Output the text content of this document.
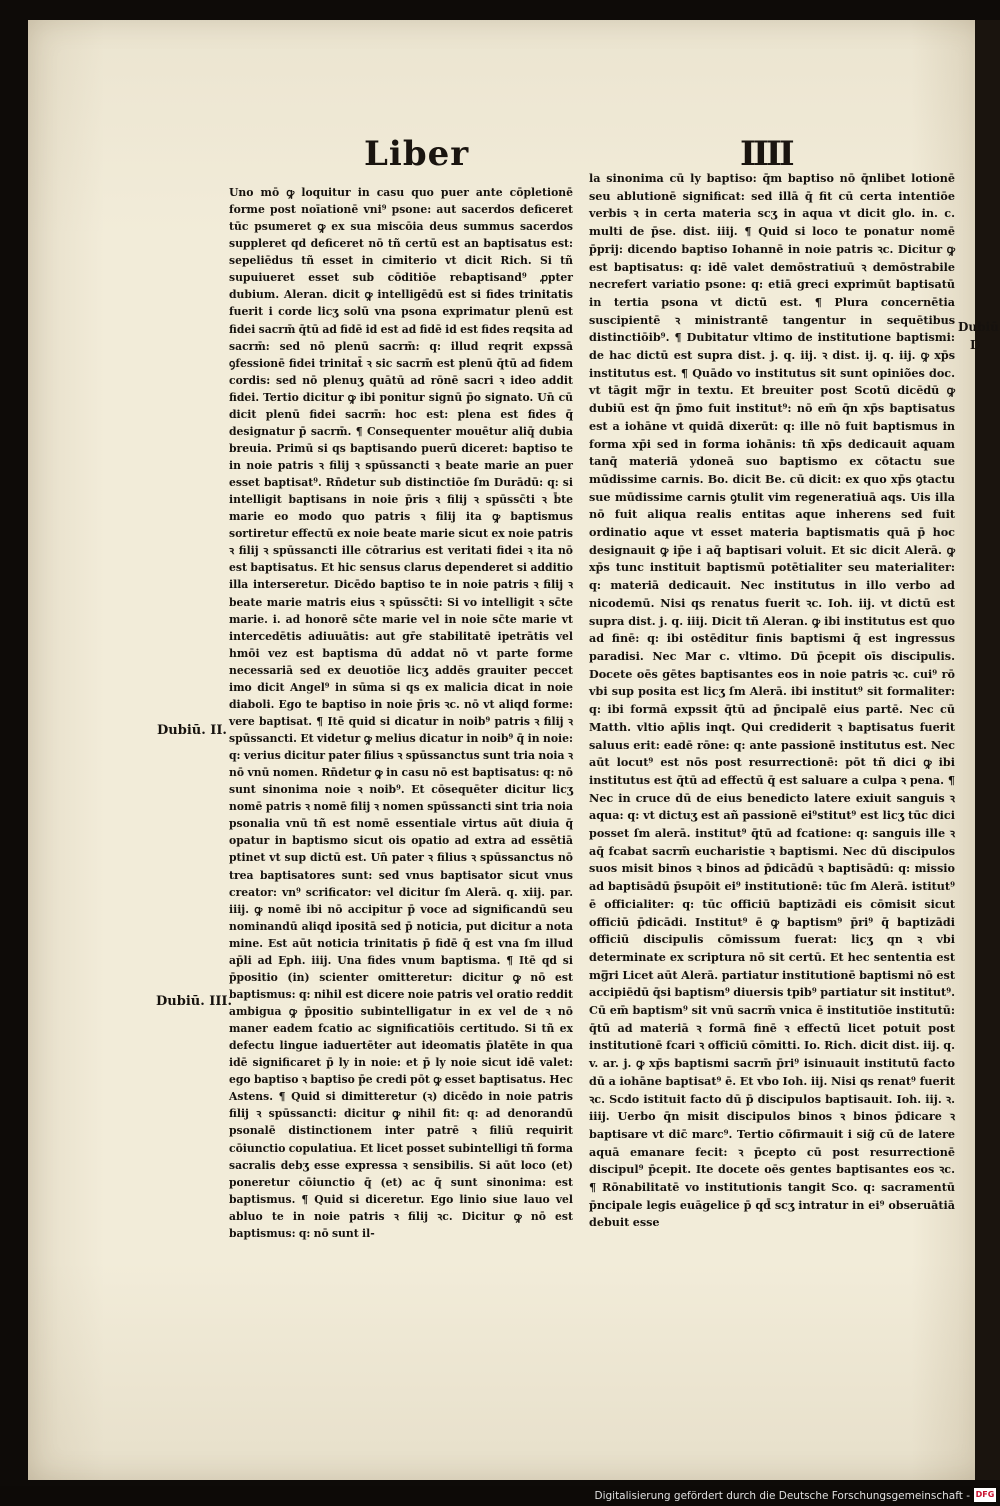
Liber	IIII
Dubiū. II.
Dubiū. III.
Dubiū
D

Uno mō ꝙ loquitur in casu quo puer ante cōpletionē forme post noīationē vni⁹ psone: aut sacerdos deficeret tūc psumeret ꝙ ex sua miscōia deus summus sacerdos suppleret qd deficeret nō tñ certū est an baptisatus est: sepeliēdus tñ esset in cimiterio vt dicit Rich. Si tñ supuiueret esset sub cōditiōe rebaptisand⁹ ꝓpter dubium. Aleran. dicit ꝙ intelligēdū est si fides trinitatis fuerit i corde licʒ solū vna psona exprimatur plenū est fidei sacrm̄ q̄tū ad fidē id est ad fidē id est fides reqsita ad sacrm̄: sed nō plenū sacrm̄: q: illud reqrit expssā ꝯfessionē fidei trinitat̄ ꝛ sic sacrm̄ est plenū q̄tū ad fidem cordis: sed nō plenuʒ quātū ad rōnē sacri ꝛ ideo addit fidei. Tertio dicitur ꝙ ibi ponitur signū p̄o signato. Un̄ cū dicit plenū fidei sacrm̄: hoc est: plena est fides q̄ designatur p̄ sacrm̄. ¶ Consequenter mouētur aliq̄ dubia breuia. Primū si qs baptisando puerū diceret: baptiso te in noie patris ꝛ filij ꝛ spūssancti ꝛ beate marie an puer esset baptisat⁹. Rn̄detur sub distinctiōe ſm Durādū: q: si intelligit baptisans in noie p̄ris ꝛ filij ꝛ spūssc̄ti ꝛ b̄te marie eo modo quo patris ꝛ filij ita ꝙ baptismus sortiretur effectū ex noie beate marie sicut ex noie patris ꝛ filij ꝛ spūssancti ille cōtrarius est veritati fidei ꝛ ita nō est baptisatus. Et hic sensus clarus dependeret si additio illa interseretur. Dicēdo baptiso te in noie patris ꝛ filij ꝛ beate marie matris eius ꝛ spūssc̄ti: Si vo intelligit ꝛ sc̄te marie. i. ad honorē sc̄te marie vel in noie sc̄te marie vt intercedētis adiuuātis: aut gr̄e stabilitatē ipetrātis vel hmōi vez est baptisma dū addat nō vt parte forme necessariā sed ex deuotiōe licʒ addēs grauiter peccet imo dicit Angel⁹ in sūma si qs ex malicia dicat in noie diaboli. Ego te baptiso in noie p̄ris ꝛc. nō vt aliqd forme: vere baptisat. ¶ Itē quid si dicatur in noib⁹ patris ꝛ filij ꝛ spūssancti. Et videtur ꝙ melius dicatur in noib⁹ q̄ in noie: q: verius dicitur pater filius ꝛ spūssanctus sunt tria noia ꝛ nō vnū nomen. Rn̄detur ꝙ in casu nō est baptisatus: q: nō sunt sinonima noie ꝛ noib⁹. Et cōsequēter dicitur licʒ nomē patris ꝛ nomē filij ꝛ nomen spūssancti sint tria noia psonalia vnū tñ est nomē essentiale virtus aūt diuia q̄ opatur in baptismo sicut ois opatio ad extra ad essētiā ptinet vt sup dictū est. Un̄ pater ꝛ filius ꝛ spūssanctus nō trea baptisatores sunt: sed vnus baptisator sicut vnus creator: vn⁹ scrificator: vel dicitur ſm Alerā. q. xiij. par. iiij. ꝙ nomē ibi nō accipitur p̄ voce ad significandū seu nominandū aliqd ipositā sed p̄ noticia, put dicitur a nota mine. Est aūt noticia trinitatis p̄ fidē q̄ est vna ſm illud ap̄li ad Eph. iiij. Una fides vnum baptisma. ¶ Itē qd si p̄positio (in) scienter omitteretur: dicitur ꝙ nō est baptismus: q: nihil est dicere noie patris vel oratio reddit ambigua ꝙ p̄positio subintelligatur in ex vel de ꝛ nō maner eadem fcatio ac significatiōis certitudo. Si tñ ex defectu lingue iaduertēter aut ideomatis p̄latēte in qua idē significaret p̄ ly in noie: et p̄ ly noie sicut idē valet: ego baptiso ꝛ baptiso p̄e credi pōt ꝙ esset baptisatus. Hec Astens. ¶ Quid si dimitteretur (ꝛ) dicēdo in noie patris filij ꝛ spūssancti: dicitur ꝙ nihil fit: q: ad denorandū psonalē distinctionem inter patrē ꝛ filiū requirit cōiunctio copulatiua. Et licet posset subintelligi tñ forma sacralis debʒ esse expressa ꝛ sensibilis. Si aūt loco (et) poneretur cōiunctio q̄ (et) ac q̄ sunt sinonima: est baptismus. ¶ Quid si diceretur. Ego linio siue lauo vel abluo te in noie patris ꝛ filij ꝛc. Dicitur ꝙ nō est baptismus: q: nō sunt il-

la sinonima cū ly baptiso: q̄m baptiso nō q̄nlibet lotionē seu ablutionē significat: sed illā q̄ fit cū certa intentiōe verbis ꝛ in certa materia scʒ in aqua vt dicit glo. in. c. multi de p̄se. dist. iiij. ¶ Quid si loco te ponatur nomē p̄prij: dicendo baptiso Iohannē in noie patris ꝛc. Dicitur ꝙ est baptisatus: q: idē valet demōstratiuū ꝛ demōstrabile necrefert variatio psone: q: etiā greci exprimūt baptisatū in tertia psona vt dictū est. ¶ Plura concernētia suscipientē ꝛ ministrantē tangentur in sequētibus distinctiōib⁹. ¶ Dubitatur vltimo de institutione baptismi: de hac dictū est supra dist. j. q. iij. ꝛ dist. ij. q. iij. ꝙ xp̄s institutus est. ¶ Quādo vo institutus sit sunt opiniões doc. vt tāgit mg̅r in textu. Et breuiter post Scotū dicēdū ꝙ dubiū est q̄n p̄mo fuit institut⁹: nō em̄ q̄n xp̄s baptisatus est a iohāne vt quidā dixerūt: q: ille nō fuit baptismus in forma xp̄i sed in forma iohānis: tñ xp̄s dedicauit aquam tanq̄ materiā ydoneā suo baptismo ex cōtactu sue mūdissime carnis. Bo. dicit Be. cū dicit: ex quo xp̄s ꝯtactu sue mūdissime carnis ꝯtulit vim regeneratiuā aqs. Uis illa nō fuit aliqua realis entitas aque inherens sed fuit ordinatio aque vt esset materia baptismatis quā p̄ hoc designauit ꝙ ip̄e i aq̄ baptisari voluit. Et sic dicit Alerā. ꝙ xp̄s tunc instituit baptismū potētialiter seu materialiter: q: materiā dedicauit. Nec institutus in illo verbo ad nicodemū. Nisi qs renatus fuerit ꝛc. Ioh. iij. vt dictū est supra dist. j. q. iiij. Dicit tñ Aleran. ꝙ ibi institutus est quo ad finē: q: ibi ostēditur finis baptismi q̄ est ingressus paradisi. Nec Mar c. vltimo. Dū p̄cepit oīs discipulis. Docete oēs gētes baptisantes eos in noie patris ꝛc. cui⁹ rō vbi sup posita est licʒ ſm Alerā. ibi institut⁹ sit formaliter: q: ibi formā expssit q̄tū ad p̄ncipalē eius partē. Nec cū Matth. vltio ap̄lis inqt. Qui crediderit ꝛ baptisatus fuerit saluus erit: eadē rōne: q: ante passionē institutus est. Nec aūt locut⁹ est nōs post resurrectionē: pōt tñ dici ꝙ ibi institutus est q̄tū ad effectū q̄ est saluare a culpa ꝛ pena. ¶ Nec in cruce dū de eius benedicto latere exiuit sanguis ꝛ aqua: q: vt dictuʒ est añ passionē ei⁹stitut⁹ est licʒ tūc dici posset ſm alerā. institut⁹ q̄tū ad fcatione: q: sanguis ille ꝛ aq̄ fcabat sacrm̄ eucharistie ꝛ baptismi. Nec dū discipulos suos misit binos ꝛ binos ad p̄dicādū ꝛ baptisādū: q: missio ad baptisādū p̄supōit ei⁹ institutionē: tūc ſm Alerā. istitut⁹ ē officialiter: q: tūc officiū baptizādi eis cōmisit sicut officiū p̄dicādi. Institut⁹ ē ꝙ baptism⁹ p̄ri⁹ q̄ baptizādi officiū discipulis cōmissum fuerat: licʒ qn ꝛ vbi determinate ex scriptura nō sit certū. Et hec sententia est mg̅ri Licet aūt Alerā. partiatur institutionē baptismi nō est accipiēdū q̄si baptism⁹ diuersis tpib⁹ partiatur sit institut⁹. Cū em̄ baptism⁹ sit vnū sacrm̄ vnica ē institutiōe institutū: q̄tū ad materiā ꝛ formā finē ꝛ effectū licet potuit post institutionē fcari ꝛ officiū cōmitti. Io. Rich. dicit dist. iij. q. v. ar. j. ꝙ xp̄s baptismi sacrm̄ p̄ri⁹ isinuauit institutū facto dū a iohāne baptisat⁹ ē. Et vbo Ioh. iij. Nisi qs renat⁹ fuerit ꝛc. Scdo istituit facto dū p̄ discipulos baptisauit. Ioh. iij. ꝛ. iiij. Uerbo q̄n misit discipulos binos ꝛ binos p̄dicare ꝛ baptisare vt dic̄ marc⁹. Tertio cōfirmauit i sig̃ cū de latere aquā emanare fecit: ꝛ p̄cepto cū post resurrectionē discipul⁹ p̄cepit. Ite docete oēs gentes baptisantes eos ꝛc. ¶ Rōnabilitatē vo institutionis tangit Sco. q: sacramentū p̄ncipale legis euāgelice p̄ qd̄ scʒ intratur in ei⁹ obseruātiā debuit esse

Digitalisierung gefördert durch die Deutsche Forschungsgemeinschaft - DFG
